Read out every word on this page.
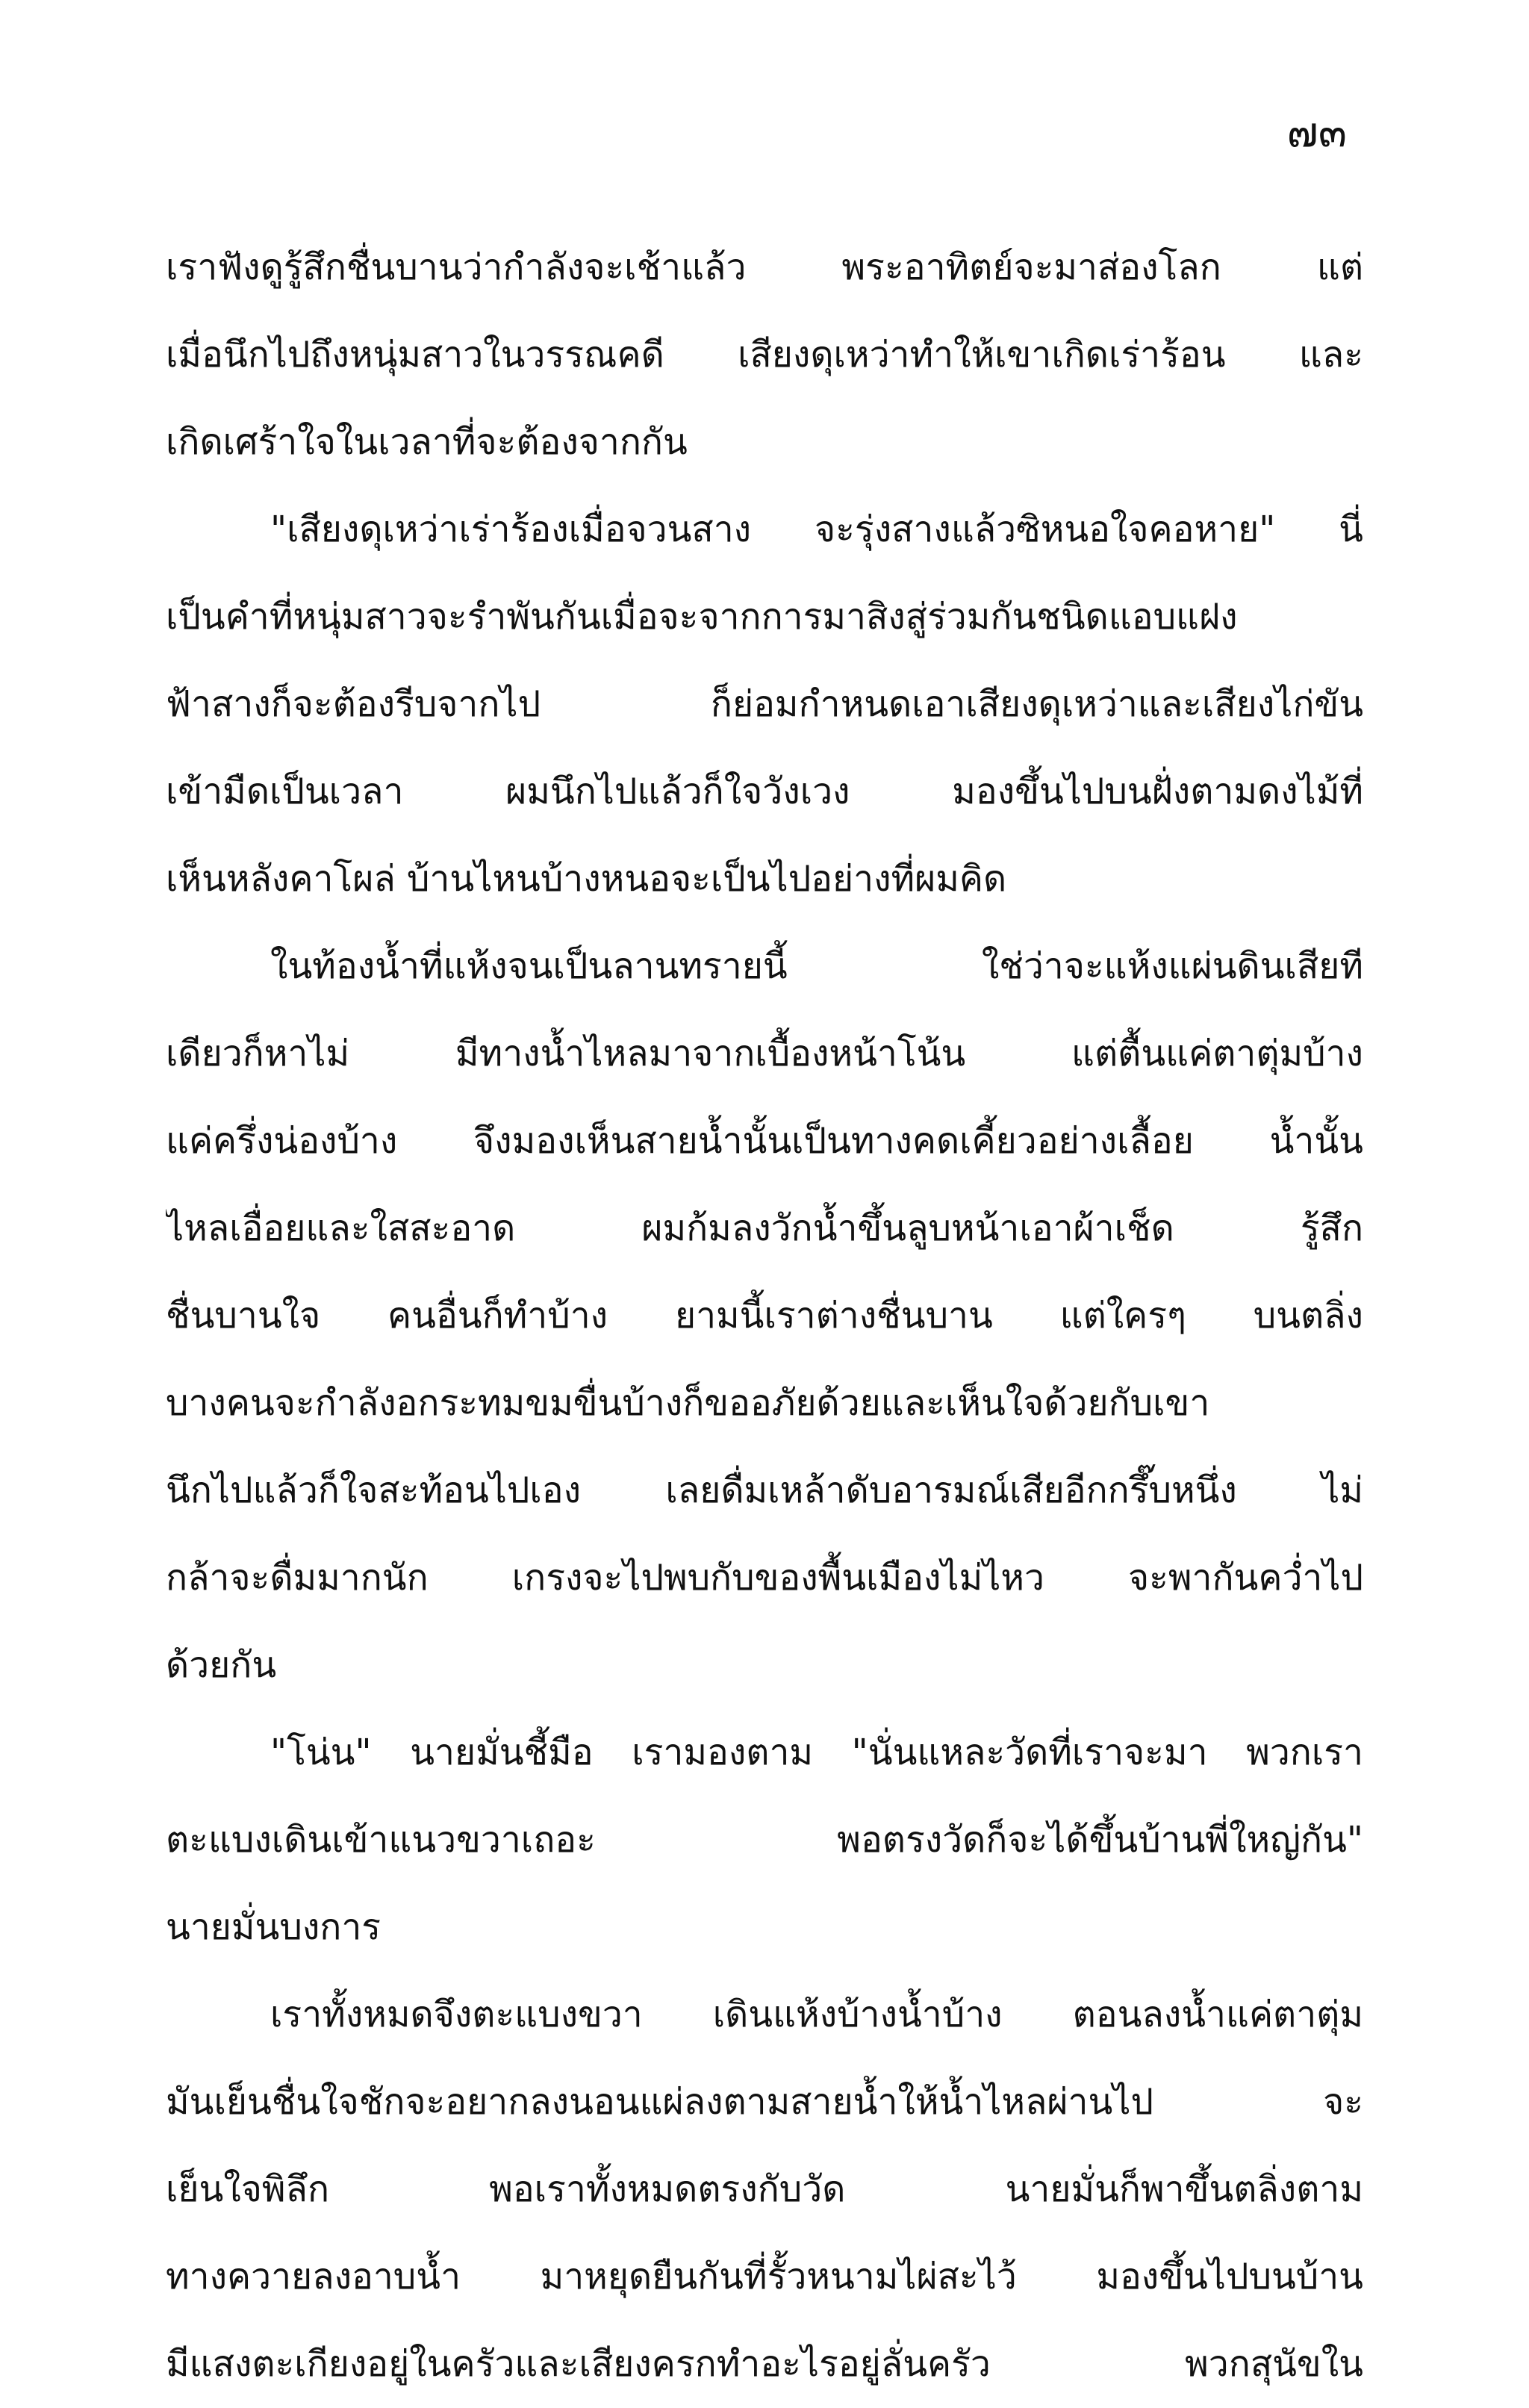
๗๓
เราฟังดูรู้สึกชื่นบานว่ากำลังจะเช้าแล้ว พระอาทิตย์จะมาส่องโลก แต่
เมื่อนึกไปถึงหนุ่มสาวในวรรณคดี เสียงดุเหว่าทำให้เขาเกิดเร่าร้อน และ
เกิดเศร้าใจในเวลาที่จะต้องจากกัน
"เสียงดุเหว่าเร่าร้องเมื่อจวนสาง จะรุ่งสางแล้วซิหนอใจคอหาย" นี่
เป็นคำที่หนุ่มสาวจะรำพันกันเมื่อจะจากการมาสิงสู่ร่วมกันชนิดแอบแฝง
ฟ้าสางก็จะต้องรีบจากไป ก็ย่อมกำหนดเอาเสียงดุเหว่าและเสียงไก่ขัน
เข้ามืดเป็นเวลา ผมนึกไปแล้วก็ใจวังเวง มองขึ้นไปบนฝั่งตามดงไม้ที่
เห็นหลังคาโผล่ บ้านไหนบ้างหนอจะเป็นไปอย่างที่ผมคิด
ในท้องน้ำที่แห้งจนเป็นลานทรายนี้ ใช่ว่าจะแห้งแผ่นดินเสียที
เดียวก็หาไม่ มีทางน้ำไหลมาจากเบื้องหน้าโน้น แต่ตื้นแค่ตาตุ่มบ้าง
แค่ครึ่งน่องบ้าง จึงมองเห็นสายน้ำนั้นเป็นทางคดเคี้ยวอย่างเลื้อย น้ำนั้น
ไหลเอื่อยและใสสะอาด ผมก้มลงวักน้ำขึ้นลูบหน้าเอาผ้าเช็ด รู้สึก
ชื่นบานใจ คนอื่นก็ทำบ้าง ยามนี้เราต่างชื่นบาน แต่ใครๆ บนตลิ่ง
บางคนจะกำลังอกระทมขมขื่นบ้างก็ขออภัยด้วยและเห็นใจด้วยกับเขา
นึกไปแล้วก็ใจสะท้อนไปเอง เลยดื่มเหล้าดับอารมณ์เสียอีกกรึ๊บหนึ่ง ไม่
กล้าจะดื่มมากนัก เกรงจะไปพบกับของพื้นเมืองไม่ไหว จะพากันคว่ำไป
ด้วยกัน
"โน่น" นายมั่นชี้มือ เรามองตาม "นั่นแหละวัดที่เราจะมา พวกเรา
ตะแบงเดินเข้าแนวขวาเถอะ พอตรงวัดก็จะได้ขึ้นบ้านพี่ใหญ่กัน"
นายมั่นบงการ
เราทั้งหมดจึงตะแบงขวา เดินแห้งบ้างน้ำบ้าง ตอนลงน้ำแค่ตาตุ่ม
มันเย็นชื่นใจชักจะอยากลงนอนแผ่ลงตามสายน้ำให้น้ำไหลผ่านไป จะ
เย็นใจพิลึก พอเราทั้งหมดตรงกับวัด นายมั่นก็พาขึ้นตลิ่งตาม
ทางควายลงอาบน้ำ มาหยุดยืนกันที่รั้วหนามไผ่สะไว้ มองขึ้นไปบนบ้าน
มีแสงตะเกียงอยู่ในครัวและเสียงครกทำอะไรอยู่ลั่นครัว พวกสุนัขใน
